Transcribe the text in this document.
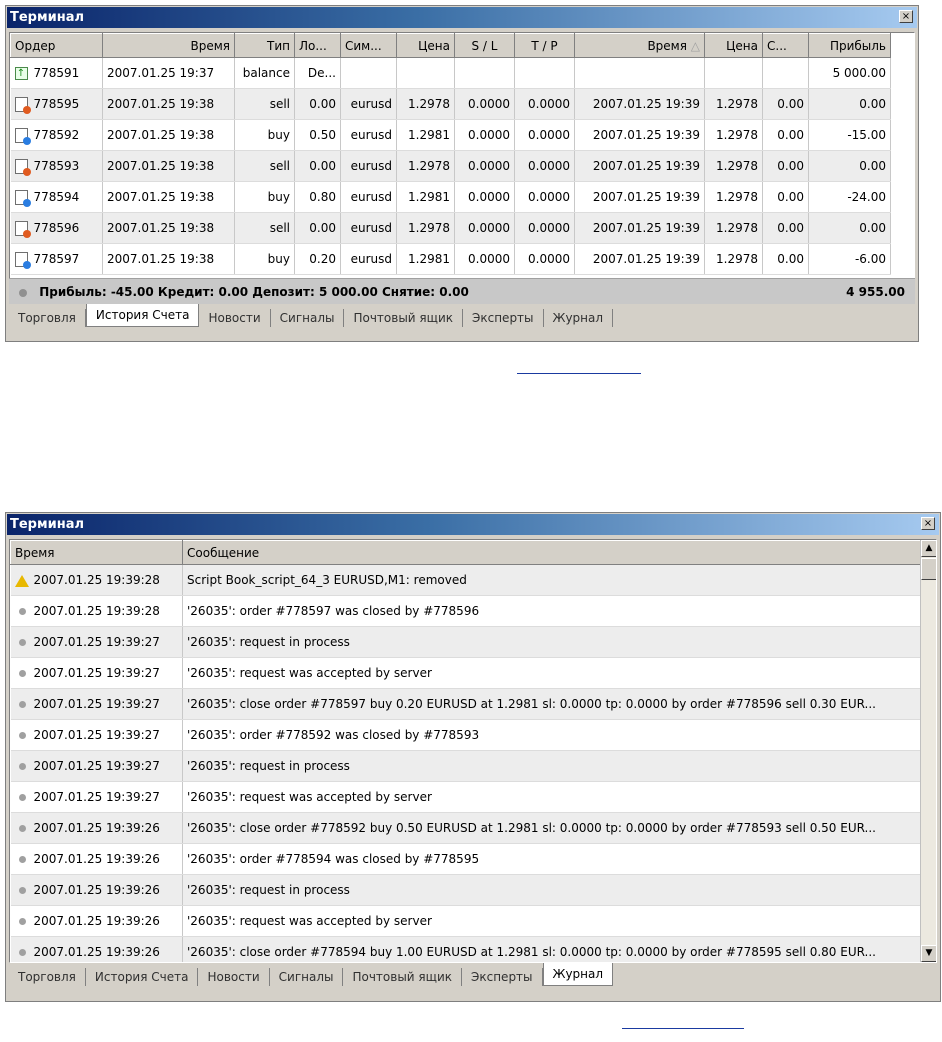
Терминал	×
Ордер	Время	Тип	Ло...	Сим...	Цена	S / L	T / P	Время △	Цена	С...	Прибыль
↑ 778591	2007.01.25 19:37	balance	De...								5 000.00

778595	2007.01.25 19:38	sell	0.00	eurusd	1.2978	0.0000	0.0000	2007.01.25 19:39	1.2978	0.00	0.00

778592	2007.01.25 19:38	buy	0.50	eurusd	1.2981	0.0000	0.0000	2007.01.25 19:39	1.2978	0.00	-15.00

778593	2007.01.25 19:38	sell	0.00	eurusd	1.2978	0.0000	0.0000	2007.01.25 19:39	1.2978	0.00	0.00

778594	2007.01.25 19:38	buy	0.80	eurusd	1.2981	0.0000	0.0000	2007.01.25 19:39	1.2978	0.00	-24.00

778596	2007.01.25 19:38	sell	0.00	eurusd	1.2978	0.0000	0.0000	2007.01.25 19:39	1.2978	0.00	0.00

778597	2007.01.25 19:38	buy	0.20	eurusd	1.2981	0.0000	0.0000	2007.01.25 19:39	1.2978	0.00	-6.00
Прибыль: -45.00 Кредит: 0.00 Депозит: 5 000.00 Снятие: 0.00	4 955.00
Торговля	История Счета	Новости	Сигналы	Почтовый ящик	Эксперты	Журнал
Терминал	×
Время	Сообщение
2007.01.25 19:39:28	Script Book_script_64_3 EURUSD,M1: removed
2007.01.25 19:39:28	'26035': order #778597 was closed by #778596
2007.01.25 19:39:27	'26035': request in process
2007.01.25 19:39:27	'26035': request was accepted by server
2007.01.25 19:39:27	'26035': close order #778597 buy 0.20 EURUSD at 1.2981 sl: 0.0000 tp: 0.0000 by order #778596 sell 0.30 EUR...
2007.01.25 19:39:27	'26035': order #778592 was closed by #778593
2007.01.25 19:39:27	'26035': request in process
2007.01.25 19:39:27	'26035': request was accepted by server
2007.01.25 19:39:26	'26035': close order #778592 buy 0.50 EURUSD at 1.2981 sl: 0.0000 tp: 0.0000 by order #778593 sell 0.50 EUR...
2007.01.25 19:39:26	'26035': order #778594 was closed by #778595
2007.01.25 19:39:26	'26035': request in process
2007.01.25 19:39:26	'26035': request was accepted by server
2007.01.25 19:39:26	'26035': close order #778594 buy 1.00 EURUSD at 1.2981 sl: 0.0000 tp: 0.0000 by order #778595 sell 0.80 EUR...
▲
▼
Торговля	История Счета	Новости	Сигналы	Почтовый ящик	Эксперты	Журнал
